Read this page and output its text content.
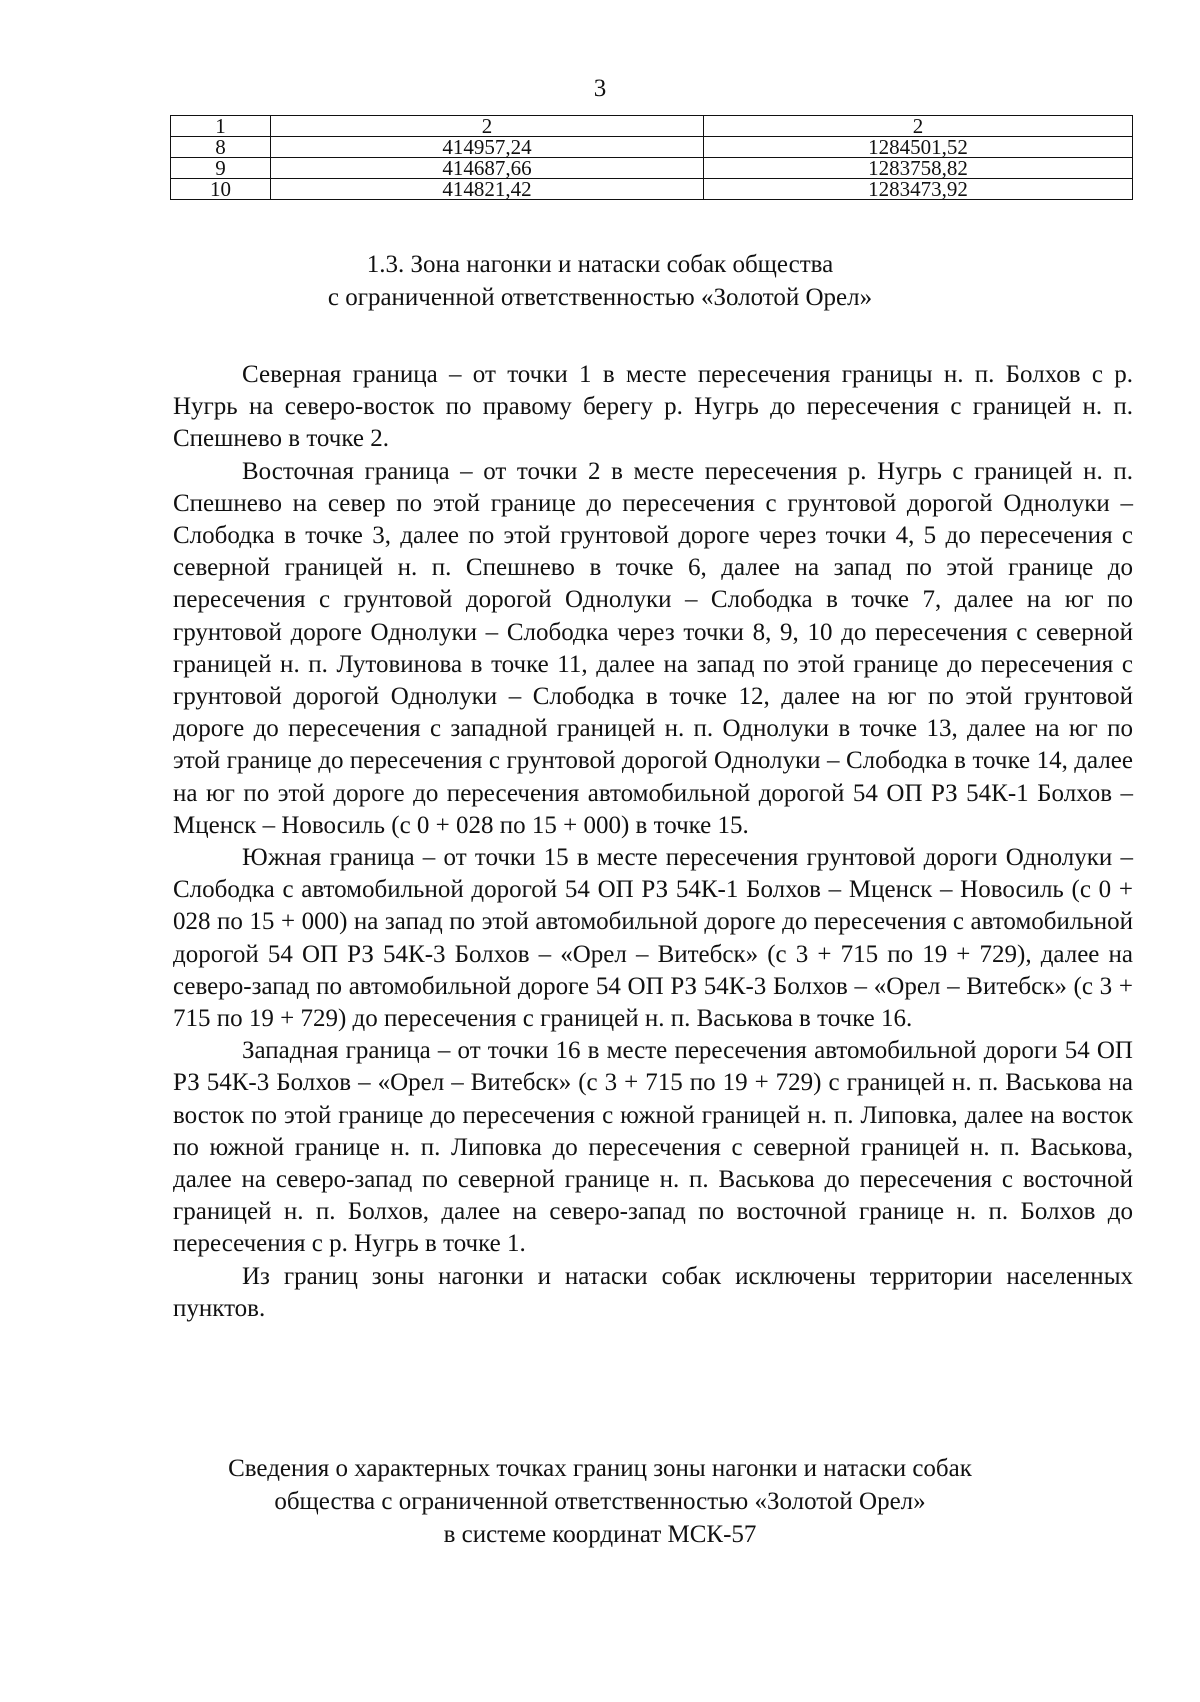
3
1	2	2
8	414957,24	1284501,52
9	414687,66	1283758,82
10	414821,42	1283473,92
1.3. Зона нагонки и натаски собак общества
с ограниченной ответственностью «Золотой Орел»

Северная граница – от точки 1 в месте пересечения границы н. п. Болхов с р. Нугрь на северо-восток по правому берегу р. Нугрь до пересечения с границей н. п. Спешнево в точке 2.

Восточная граница – от точки 2 в месте пересечения р. Нугрь с границей н. п. Спешнево на север по этой границе до пересечения с грунтовой дорогой Однолуки – Слободка в точке 3, далее по этой грунтовой дороге через точки 4, 5 до пересечения с северной границей н. п. Спешнево в точке 6, далее на запад по этой границе до пересечения с грунтовой дорогой Однолуки – Слободка в точке 7, далее на юг по грунтовой дороге Однолуки – Слободка через точки 8, 9, 10 до пересечения с северной границей н. п. Лутовинова в точке 11, далее на запад по этой границе до пересечения с грунтовой дорогой Однолуки – Слободка в точке 12, далее на юг по этой грунтовой дороге до пересечения с западной границей н. п. Однолуки в точке 13, далее на юг по этой границе до пересечения с грунтовой дорогой Однолуки – Слободка в точке 14, далее на юг по этой дороге до пересечения автомобильной дорогой 54 ОП РЗ 54К-1 Болхов – Мценск – Новосиль (с 0 + 028 по 15 + 000) в точке 15.

Южная граница – от точки 15 в месте пересечения грунтовой дороги Однолуки – Слободка с автомобильной дорогой 54 ОП РЗ 54К-1 Болхов – Мценск – Новосиль (с 0 + 028 по 15 + 000) на запад по этой автомобильной дороге до пересечения с автомобильной дорогой 54 ОП РЗ 54К-3 Болхов – «Орел – Витебск» (с 3 + 715 по 19 + 729), далее на северо-запад по автомобильной дороге 54 ОП РЗ 54К-3 Болхов – «Орел – Витебск» (с 3 + 715 по 19 + 729) до пересечения с границей н. п. Васькова в точке 16.

Западная граница – от точки 16 в месте пересечения автомобильной дороги 54 ОП РЗ 54К-3 Болхов – «Орел – Витебск» (с 3 + 715 по 19 + 729) с границей н. п. Васькова на восток по этой границе до пересечения с южной границей н. п. Липовка, далее на восток по южной границе н. п. Липовка до пересечения с северной границей н. п. Васькова, далее на северо-запад по северной границе н. п. Васькова до пересечения с восточной границей н. п. Болхов, далее на северо-запад по восточной границе н. п. Болхов до пересечения с р. Нугрь в точке 1.

Из границ зоны нагонки и натаски собак исключены территории населенных пунктов.

Сведения о характерных точках границ зоны нагонки и натаски собак
общества с ограниченной ответственностью «Золотой Орел»
в системе координат МСК-57
